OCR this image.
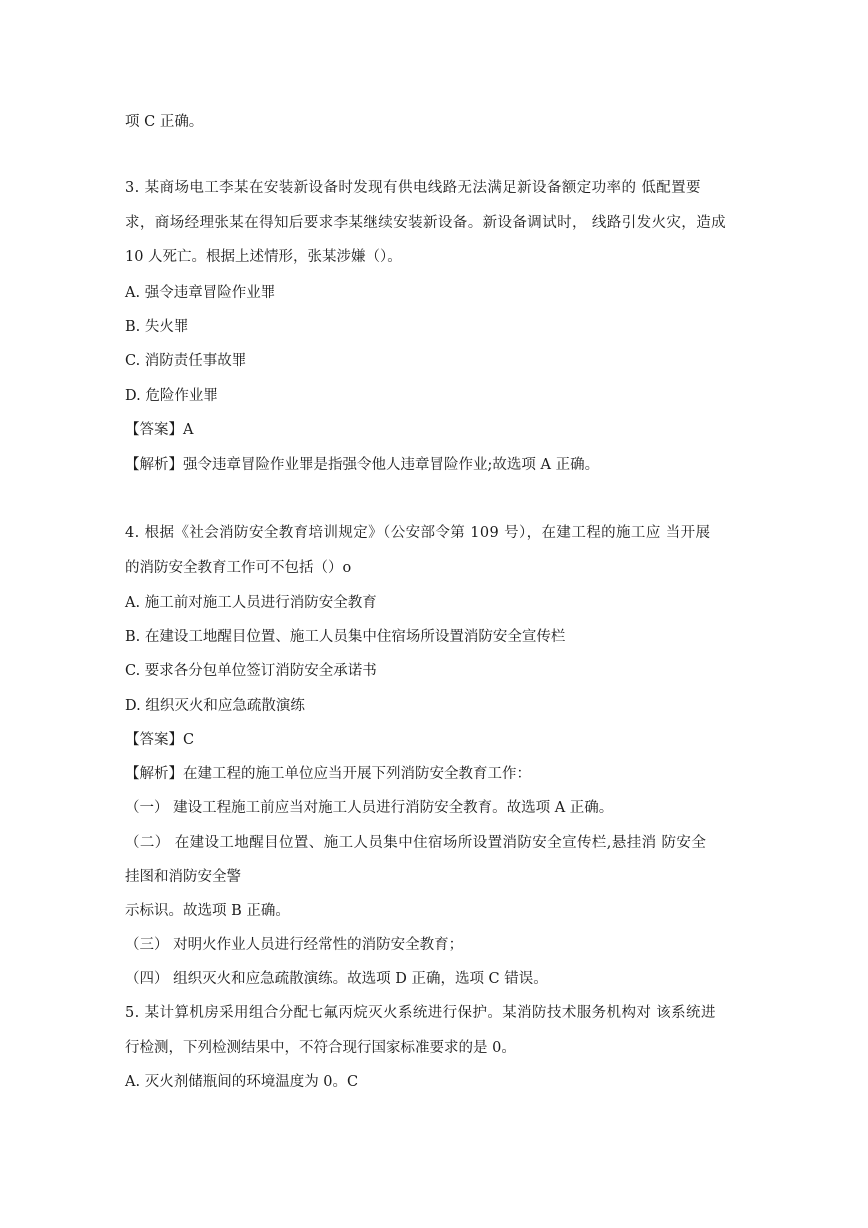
项 C 正确。
3. 某商场电工李某在安装新设备时发现有供电线路无法满足新设备额定功率的 低配置要
求，商场经理张某在得知后要求李某继续安装新设备。新设备调试时， 线路引发火灾，造成
10 人死亡。根据上述情形，张某涉嫌（）。
A. 强令违章冒险作业罪
B. 失火罪
C. 消防责任事故罪
D. 危险作业罪
【答案】A
【解析】强令违章冒险作业罪是指强令他人违章冒险作业;故选项 A 正确。
4. 根据《社会消防安全教育培训规定》（公安部令第 109 号），在建工程的施工应 当开展
的消防安全教育工作可不包括（）o
A. 施工前对施工人员进行消防安全教育
B. 在建设工地醒目位置、施工人员集中住宿场所设置消防安全宣传栏
C. 要求各分包单位签订消防安全承诺书
D. 组织灭火和应急疏散演练
【答案】C
【解析】在建工程的施工单位应当开展下列消防安全教育工作：
（一） 建设工程施工前应当对施工人员进行消防安全教育。故选项 A 正确。
（二） 在建设工地醒目位置、施工人员集中住宿场所设置消防安全宣传栏,悬挂消 防安全
挂图和消防安全警
示标识。故选项 B 正确。
（三） 对明火作业人员进行经常性的消防安全教育；
（四） 组织灭火和应急疏散演练。故选项 D 正确，选项 C 错误。
5. 某计算机房采用组合分配七氟丙烷灭火系统进行保护。某消防技术服务机构对 该系统进
行检测，下列检测结果中，不符合现行国家标准要求的是 0。
A. 灭火剂储瓶间的环境温度为 0。C
